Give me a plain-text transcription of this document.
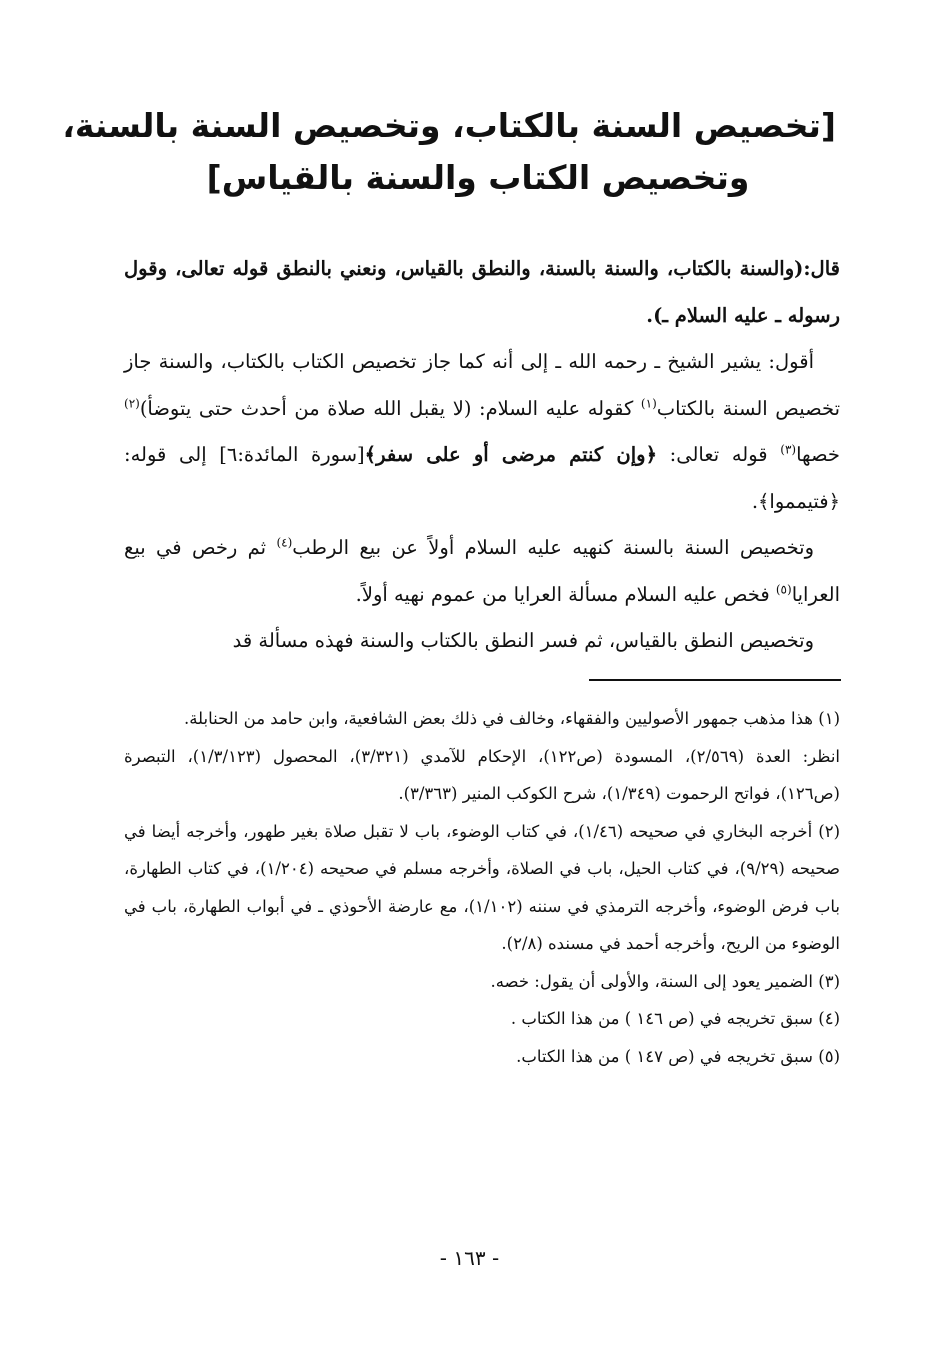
[تخصيص السنة بالكتاب، وتخصيص السنة بالسنة،
وتخصيص الكتاب والسنة بالقياس]

قال:(والسنة بالكتاب، والسنة بالسنة، والنطق بالقياس، ونعني بالنطق قوله تعالى، وقول رسوله ـ عليه السلام ـ).

أقول: يشير الشيخ ـ رحمه الله ـ إلى أنه كما جاز تخصيص الكتاب بالكتاب، والسنة جاز تخصيص السنة بالكتاب$^{(١)}$ كقوله عليه السلام: (لا يقبل الله صلاة من أحدث حتى يتوضأ)$^{(٢)}$ خصها$^{(٣)}$ قوله تعالى: ﴿وإن كنتم مرضى أو على سفر﴾[سورة المائدة:٦] إلى قوله: ﴿فتيمموا﴾.

وتخصيص السنة بالسنة كنهيه عليه السلام أولاً عن بيع الرطب$^{(٤)}$ ثم رخص في بيع العرايا$^{(٥)}$ فخص عليه السلام مسألة العرايا من عموم نهيه أولاً.

وتخصيص النطق بالقياس، ثم فسر النطق بالكتاب والسنة فهذه مسألة قد

(١) هذا مذهب جمهور الأصوليين والفقهاء، وخالف في ذلك بعض الشافعية، وابن حامد من الحنابلة.

انظر: العدة (٢/٥٦٩)، المسودة (ص١٢٢)، الإحكام للآمدي (٣/٣٢١)، المحصول (١/٣/١٢٣)، التبصرة (ص١٢٦)، فواتح الرحموت (١/٣٤٩)، شرح الكوكب المنير (٣/٣٦٣).

(٢) أخرجه البخاري في صحيحه (١/٤٦)، في كتاب الوضوء، باب لا تقبل صلاة بغير طهور، وأخرجه أيضا في صحيحه (٩/٢٩)، في كتاب الحيل، باب في الصلاة، وأخرجه مسلم في صحيحه (١/٢٠٤)، في كتاب الطهارة، باب فرض الوضوء، وأخرجه الترمذي في سننه (١/١٠٢)، مع عارضة الأحوذي ـ في أبواب الطهارة، باب في الوضوء من الريح، وأخرجه أحمد في مسنده (٢/٨).

(٣) الضمير يعود إلى السنة، والأولى أن يقول: خصه.

(٤) سبق تخريجه في (ص ١٤٦ ) من هذا الكتاب .

(٥) سبق تخريجه في (ص ١٤٧ ) من هذا الكتاب.

- ١٦٣ -
